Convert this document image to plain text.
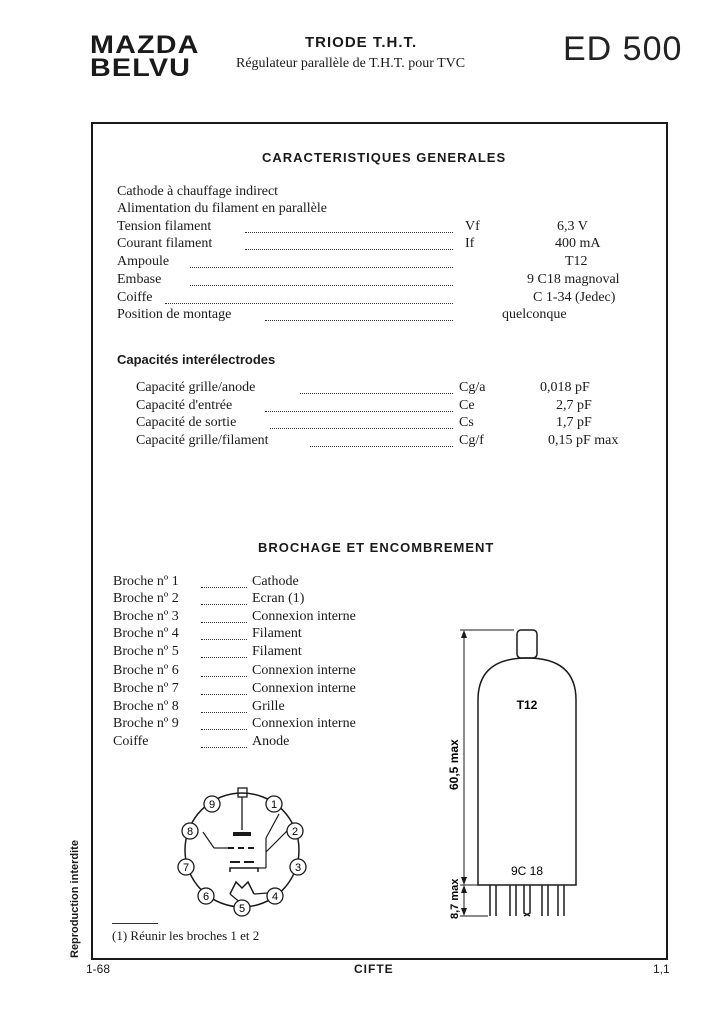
MAZDA
BELVU
TRIODE T.H.T.
Régulateur parallèle de T.H.T. pour TVC	ED 500
CARACTERISTIQUES GENERALES
Cathode à chauffage indirect
Alimentation du filament en parallèle
Tension filament	Vf	6,3 V
Courant filament	If	400 mA
Ampoule	T12
Embase	9 C18 magnoval
Coiffe	C 1-34 (Jedec)
Position de montage	quelconque
Capacités interélectrodes
Capacité grille/anode	Cg/a	0,018 pF
Capacité d'entrée	Ce	2,7 pF
Capacité de sortie	Cs	1,7 pF
Capacité grille/filament	Cg/f	0,15 pF max
BROCHAGE ET ENCOMBREMENT
Broche nº 1	Cathode
Broche nº 2	Ecran (1)
Broche nº 3	Connexion interne
Broche nº 4	Filament
Broche nº 5	Filament
Broche nº 6	Connexion interne
Broche nº 7	Connexion interne
Broche nº 8	Grille
Broche nº 9	Connexion interne
Coiffe	Anode
9	1
8	2
7	3
6	4
5
T12
9C 18
60,5 max
8,7 max
(1) Réunir les broches 1 et 2
Reproduction interdite
1-68	CIFTE	1,1
